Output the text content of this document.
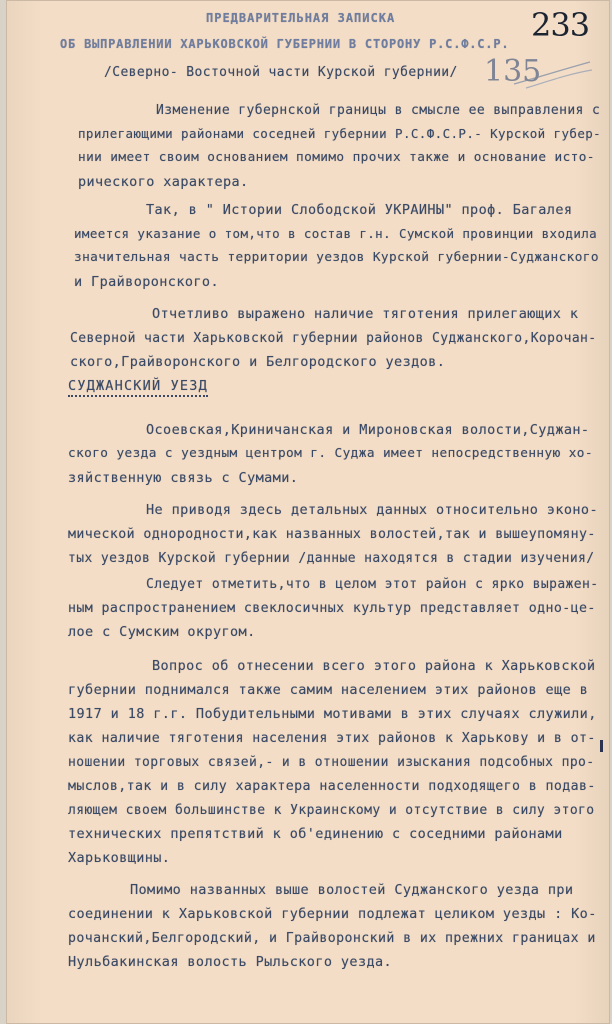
ПРЕДВАРИТЕЛЬНАЯ ЗАПИСКА
ОБ ВЫПРАВЛЕНИИ ХАРЬКОВСКОЙ ГУБЕРНИИ В СТОРОНУ Р.С.Ф.С.Р.
/Северно- Восточной части Курской губернии/
233
135
Изменение губернской границы в смысле ее выправления с
прилегающими районами соседней губернии Р.С.Ф.С.Р.- Курской губер-
нии имеет своим основанием помимо прочих также и основание исто-
рического характера.
Так, в " Истории Слободской УКРАИНЫ" проф. Багалея
имеется указание о том,что в состав г.н. Сумской провинции входила
значительная часть территории уездов Курской губернии-Суджанского
и Грайворонского.
Отчетливо выражено наличие тяготения прилегающих к
Северной части Харьковской губернии районов Суджанского,Корочан-
ского,Грайворонского и Белгородского уездов.
СУДЖАНСКИЙ УЕЗД
Осоевская,Криничанская и Мироновская волости,Суджан-
ского уезда с уездным центром г. Суджа имеет непосредственную хо-
зяйственную связь с Сумами.
Не приводя здесь детальных данных относительно эконо-
мической однородности,как названных волостей,так и вышеупомяну-
тых уездов Курской губернии /данные находятся в стадии изучения/
Следует отметить,что в целом этот район с ярко выражен-
ным распространением свеклосичных культур представляет одно-це-
лое с Сумским округом.
Вопрос об отнесении всего этого района к Харьковской
губернии поднимался также самим населением этих районов еще в
1917 и 18 г.г. Побудительными мотивами в этих случаях служили,
как наличие тяготения населения этих районов к Харькову и в от-
ношении торговых связей,- и в отношении изыскания подсобных про-
мыслов,так и в силу характера населенности подходящего в подав-
ляющем своем большинстве к Украинскому и отсутствие в силу этого
технических препятствий к об'единению с соседними районами
Харьковщины.
Помимо названных выше волостей Суджанского уезда при
соединении к Харьковской губернии подлежат целиком уезды : Ко-
рочанский,Белгородский, и Грайворонский в их прежних границах и
Нульбакинская волость Рыльского уезда.
